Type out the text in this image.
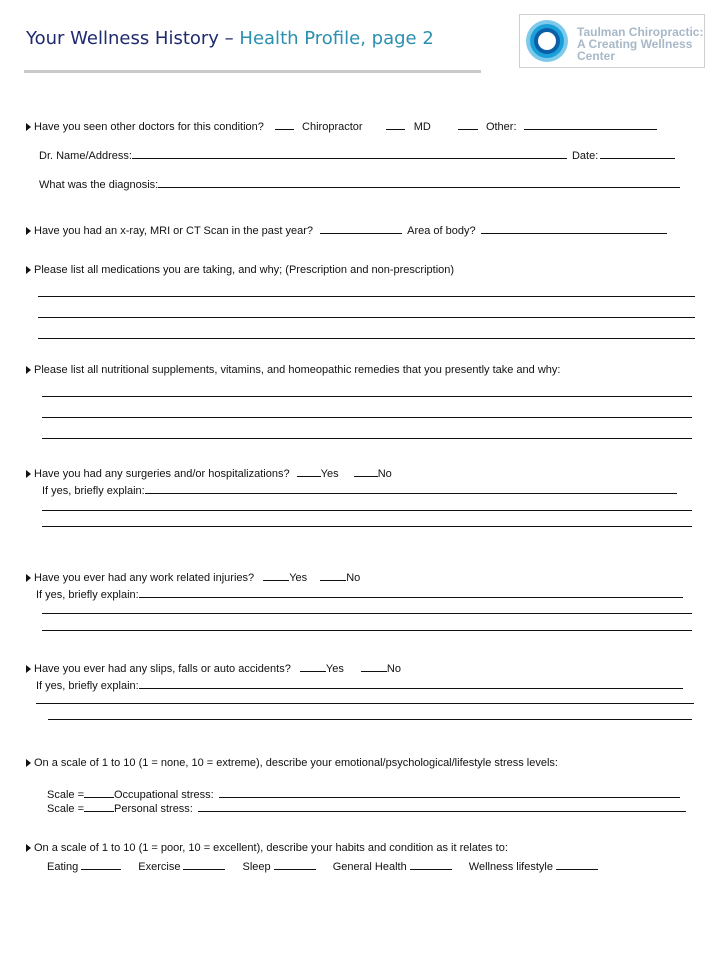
Your Wellness History – Health Profile, page 2	Taulman Chiropractic:
A Creating Wellness
Center
Have you seen other doctors for this condition?	Chiropractor	MD	Other:
Dr. Name/Address:	Date:
What was the diagnosis:
Have you had an x-ray, MRI or CT Scan in the past year?	Area of body?
Please list all medications you are taking, and why; (Prescription and non-prescription)
Please list all nutritional supplements, vitamins, and homeopathic remedies that you presently take and why:
Have you had any surgeries and/or hospitalizations?	Yes	No
If yes, briefly explain:
Have you ever had any work related injuries?	Yes	No
If yes, briefly explain:
Have you ever had any slips, falls or auto accidents?	Yes	No
If yes, briefly explain:
On a scale of 1 to 10 (1 = none, 10 = extreme), describe your emotional/psychological/lifestyle stress levels:
Scale =	Occupational stress:
Scale =	Personal stress:
On a scale of 1 to 10 (1 = poor, 10 = excellent), describe your habits and condition as it relates to:
Eating	Exercise	Sleep	General Health	Wellness lifestyle
